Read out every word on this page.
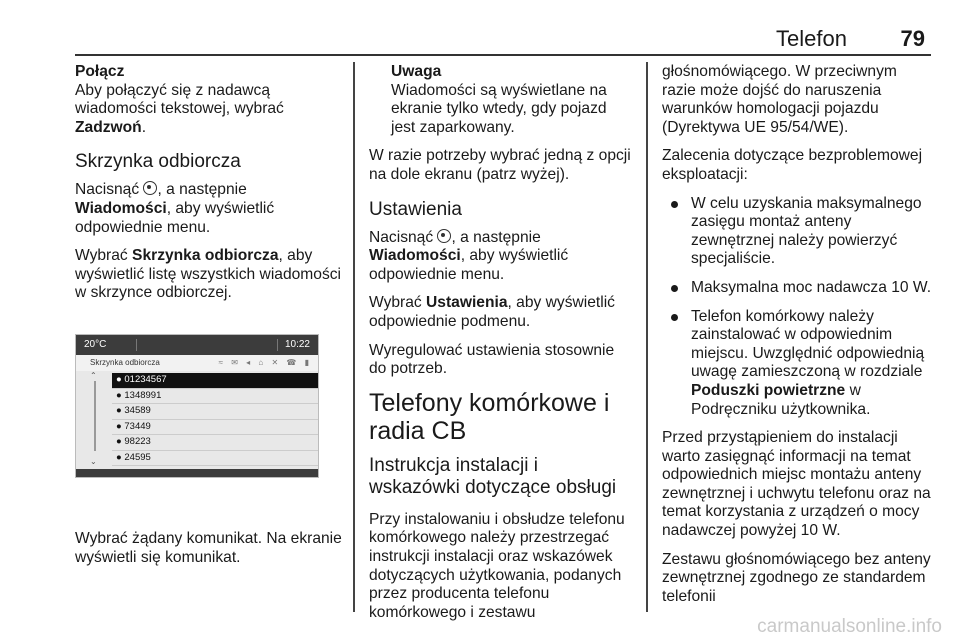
Telefon 79

Połącz

Aby połączyć się z nadawcą wiadomości tekstowej, wybrać Zadzwoń.

Skrzynka odbiorcza

Nacisnąć , a następnie Wiadomości, aby wyświetlić odpowiednie menu.

Wybrać Skrzynka odbiorcza, aby wyświetlić listę wszystkich wiadomości w skrzynce odbiorczej.

Wybrać żądany komunikat. Na ekranie wyświetli się komunikat.

20°C	10:22
Skrzynka odbiorcza	≈ ✉ ◂ ⌂ ✕ ☎ ▮
⌃
⌄
● 01234567
● 1348991
● 34589
● 73449
● 98223
● 24595
Uwaga
Wiadomości są wyświetlane na ekranie tylko wtedy, gdy pojazd jest zaparkowany.

W razie potrzeby wybrać jedną z opcji na dole ekranu (patrz wyżej).

Ustawienia

Nacisnąć , a następnie Wiadomości, aby wyświetlić odpowiednie menu.

Wybrać Ustawienia, aby wyświetlić odpowiednie podmenu.

Wyregulować ustawienia stosownie do potrzeb.

Telefony komórkowe i radia CB
Instrukcja instalacji i wskazówki dotyczące obsługi

Przy instalowaniu i obsłudze telefonu komórkowego należy przestrzegać instrukcji instalacji oraz wskazówek dotyczących użytkowania, podanych przez producenta telefonu komórkowego i zestawu

głośnomówiącego. W przeciwnym razie może dojść do naruszenia warunków homologacji pojazdu (Dyrektywa UE 95/54/WE).

Zalecenia dotyczące bezproblemowej eksploatacji:

W celu uzyskania maksymalnego zasięgu montaż anteny zewnętrznej należy powierzyć specjaliście.
Maksymalna moc nadawcza 10 W.
Telefon komórkowy należy zainstalować w odpowiednim miejscu. Uwzględnić odpowiednią uwagę zamieszczoną w rozdziale Poduszki powietrzne w Podręczniku użytkownika.

Przed przystąpieniem do instalacji warto zasięgnąć informacji na temat odpowiednich miejsc montażu anteny zewnętrznej i uchwytu telefonu oraz na temat korzystania z urządzeń o mocy nadawczej powyżej 10 W.

Zestawu głośnomówiącego bez anteny zewnętrznej zgodnego ze standardem telefonii

carmanualsonline.info
